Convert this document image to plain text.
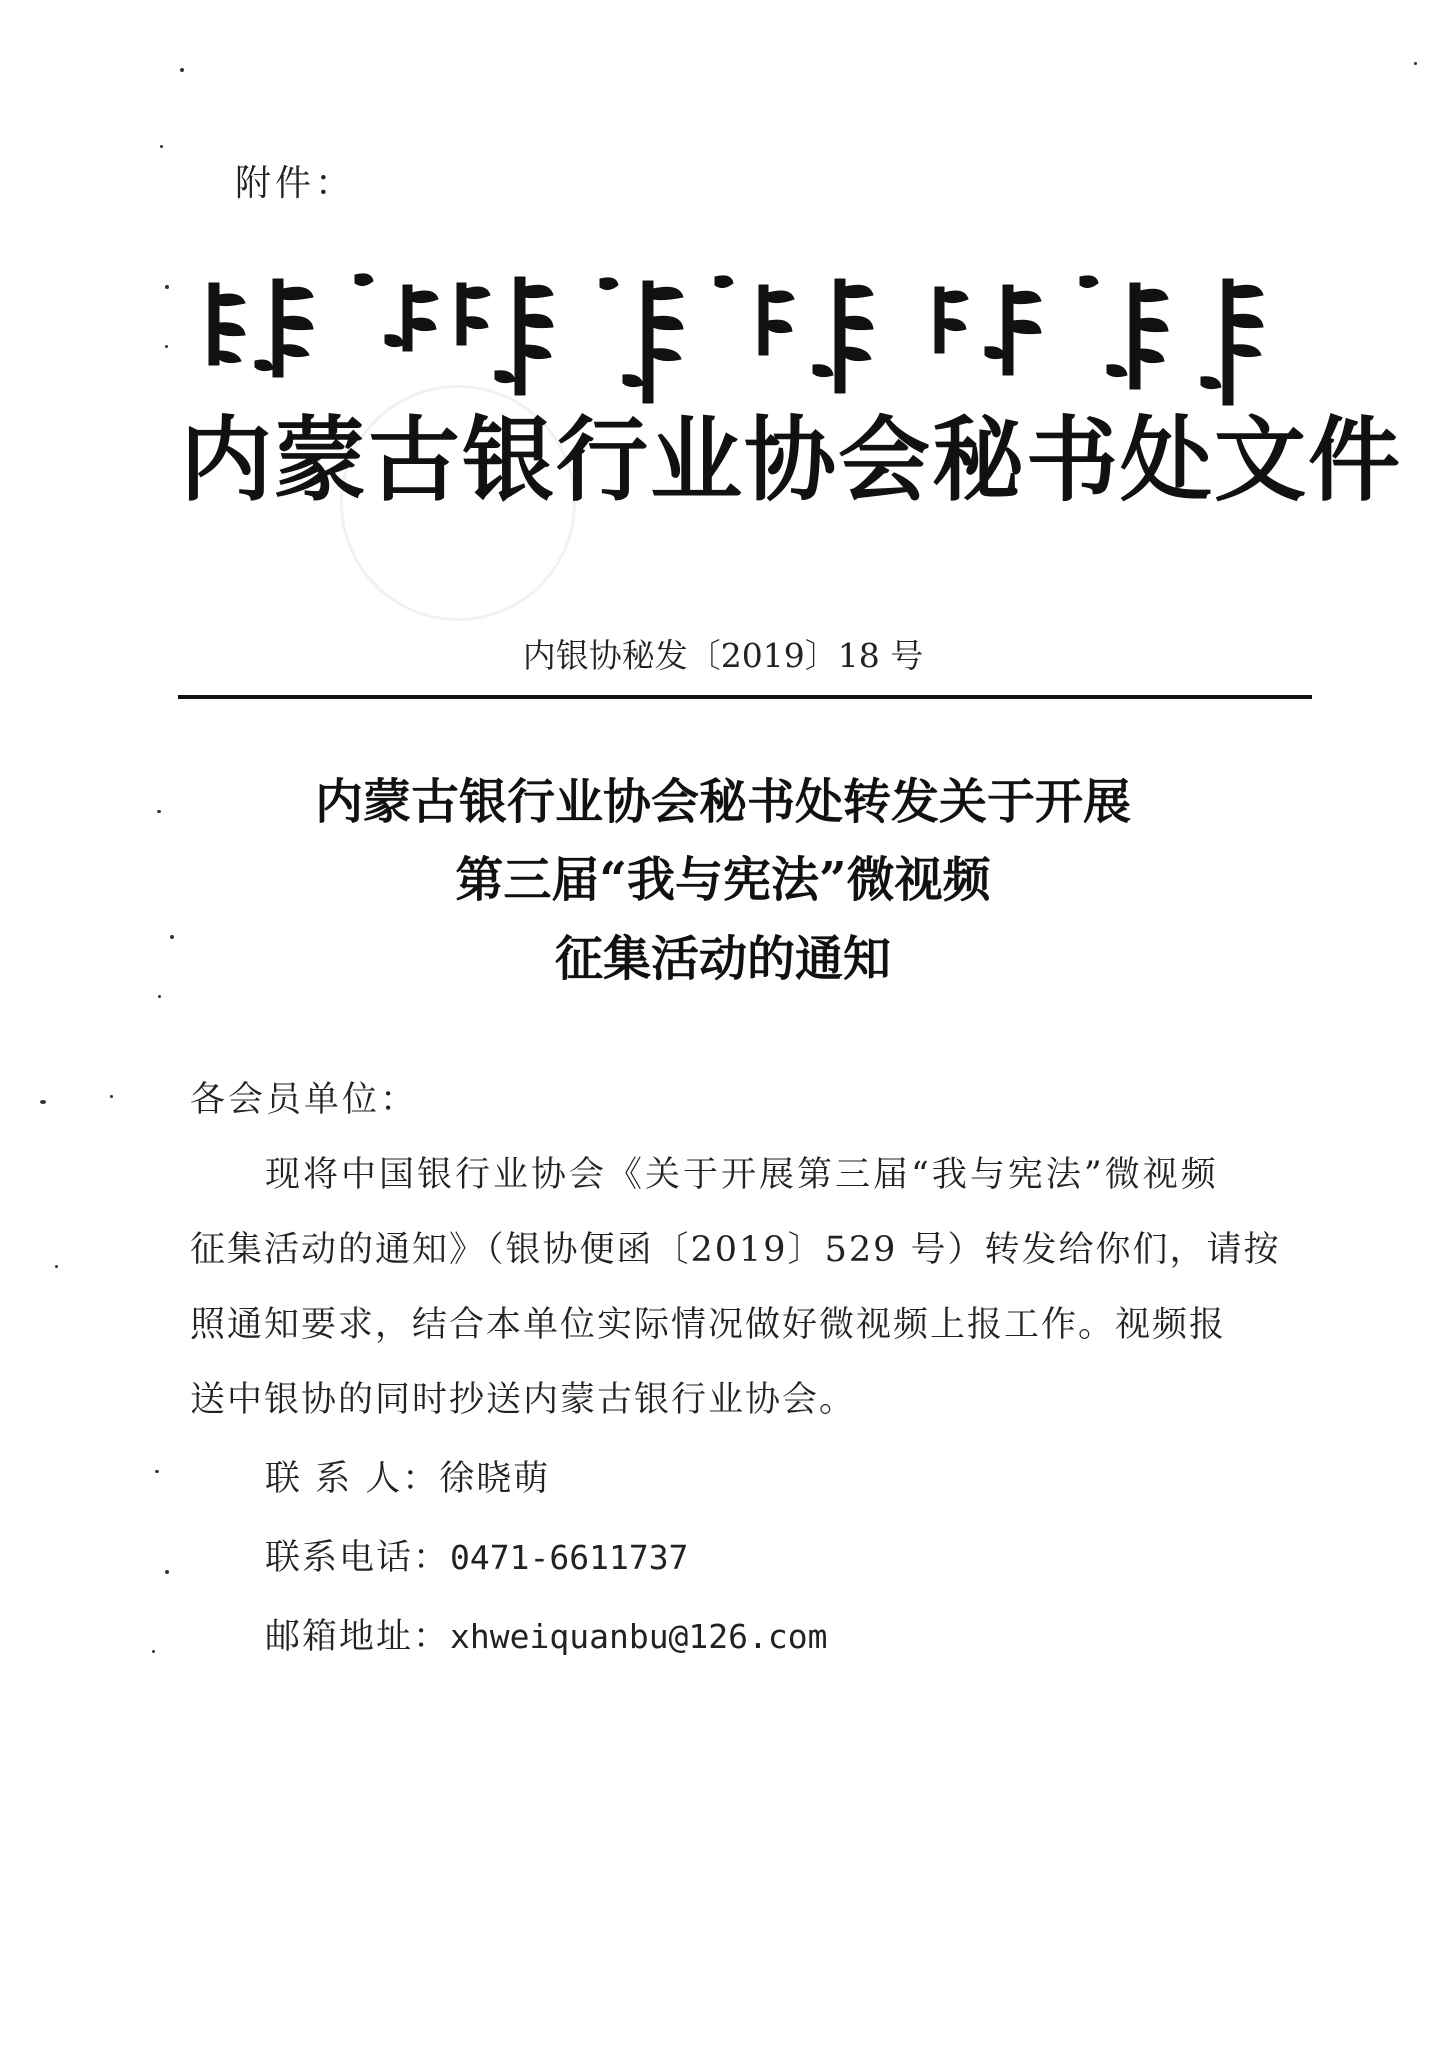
附件：
内蒙古银行业协会秘书处文件
内银协秘发〔2019〕18 号
内蒙古银行业协会秘书处转发关于开展
第三届“我与宪法”微视频
征集活动的通知
各会员单位：
现将中国银行业协会《关于开展第三届“我与宪法”微视频
征集活动的通知》（银协便函〔2019〕529 号）转发给你们，请按
照通知要求，结合本单位实际情况做好微视频上报工作。视频报
送中银协的同时抄送内蒙古银行业协会。
联 系 人：徐晓萌
联系电话：0471-6611737
邮箱地址：xhweiquanbu@126.com
